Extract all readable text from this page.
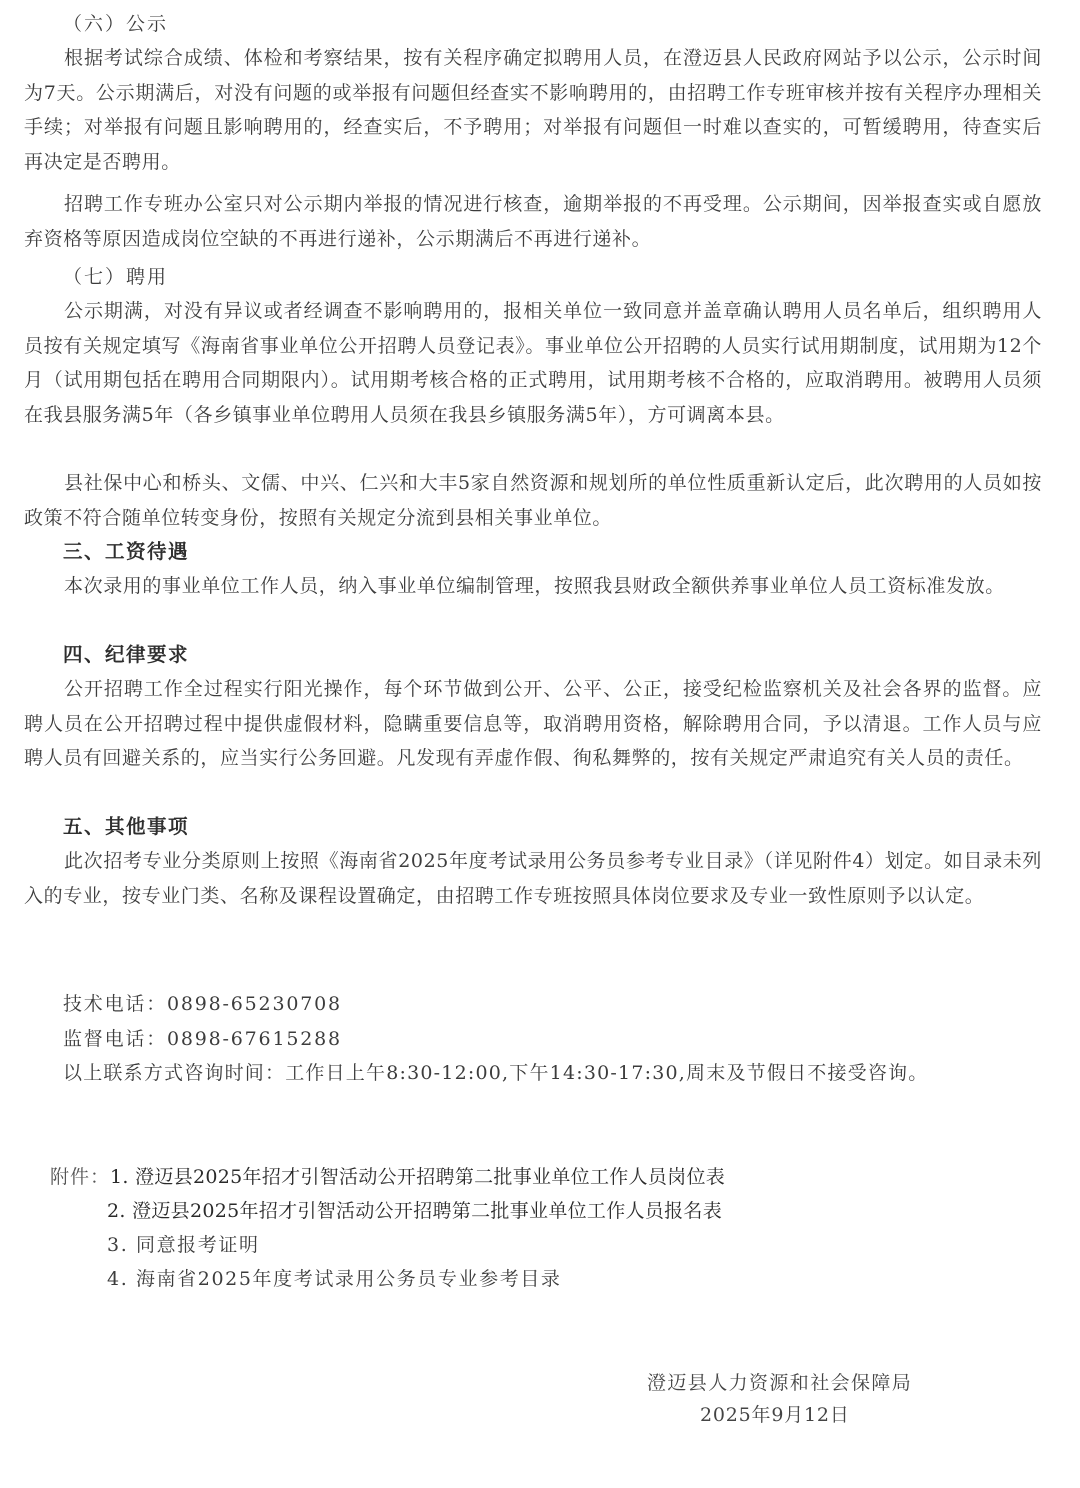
（六）公示
根据考试综合成绩、体检和考察结果，按有关程序确定拟聘用人员，在澄迈县人民政府网站予以公示，公示时间为7天。公示期满后，对没有问题的或举报有问题但经查实不影响聘用的，由招聘工作专班审核并按有关程序办理相关手续；对举报有问题且影响聘用的，经查实后，不予聘用；对举报有问题但一时难以查实的，可暂缓聘用，待查实后再决定是否聘用。
招聘工作专班办公室只对公示期内举报的情况进行核查，逾期举报的不再受理。公示期间，因举报查实或自愿放弃资格等原因造成岗位空缺的不再进行递补，公示期满后不再进行递补。
（七）聘用
公示期满，对没有异议或者经调查不影响聘用的，报相关单位一致同意并盖章确认聘用人员名单后，组织聘用人员按有关规定填写《海南省事业单位公开招聘人员登记表》。事业单位公开招聘的人员实行试用期制度，试用期为12个月（试用期包括在聘用合同期限内）。试用期考核合格的正式聘用，试用期考核不合格的，应取消聘用。被聘用人员须在我县服务满5年（各乡镇事业单位聘用人员须在我县乡镇服务满5年），方可调离本县。
县社保中心和桥头、文儒、中兴、仁兴和大丰5家自然资源和规划所的单位性质重新认定后，此次聘用的人员如按政策不符合随单位转变身份，按照有关规定分流到县相关事业单位。
三、工资待遇
本次录用的事业单位工作人员，纳入事业单位编制管理，按照我县财政全额供养事业单位人员工资标准发放。
四、纪律要求
公开招聘工作全过程实行阳光操作，每个环节做到公开、公平、公正，接受纪检监察机关及社会各界的监督。应聘人员在公开招聘过程中提供虚假材料，隐瞒重要信息等，取消聘用资格，解除聘用合同，予以清退。工作人员与应聘人员有回避关系的，应当实行公务回避。凡发现有弄虚作假、徇私舞弊的，按有关规定严肃追究有关人员的责任。
五、其他事项
此次招考专业分类原则上按照《海南省2025年度考试录用公务员参考专业目录》（详见附件4）划定。如目录未列入的专业，按专业门类、名称及课程设置确定，由招聘工作专班按照具体岗位要求及专业一致性原则予以认定。
技术电话：0898-65230708
监督电话：0898-67615288
以上联系方式咨询时间：工作日上午8:30-12:00,下午14:30-17:30,周末及节假日不接受咨询。
附件：1. 澄迈县2025年招才引智活动公开招聘第二批事业单位工作人员岗位表
2. 澄迈县2025年招才引智活动公开招聘第二批事业单位工作人员报名表
3. 同意报考证明
4. 海南省2025年度考试录用公务员专业参考目录
澄迈县人力资源和社会保障局
2025年9月12日
